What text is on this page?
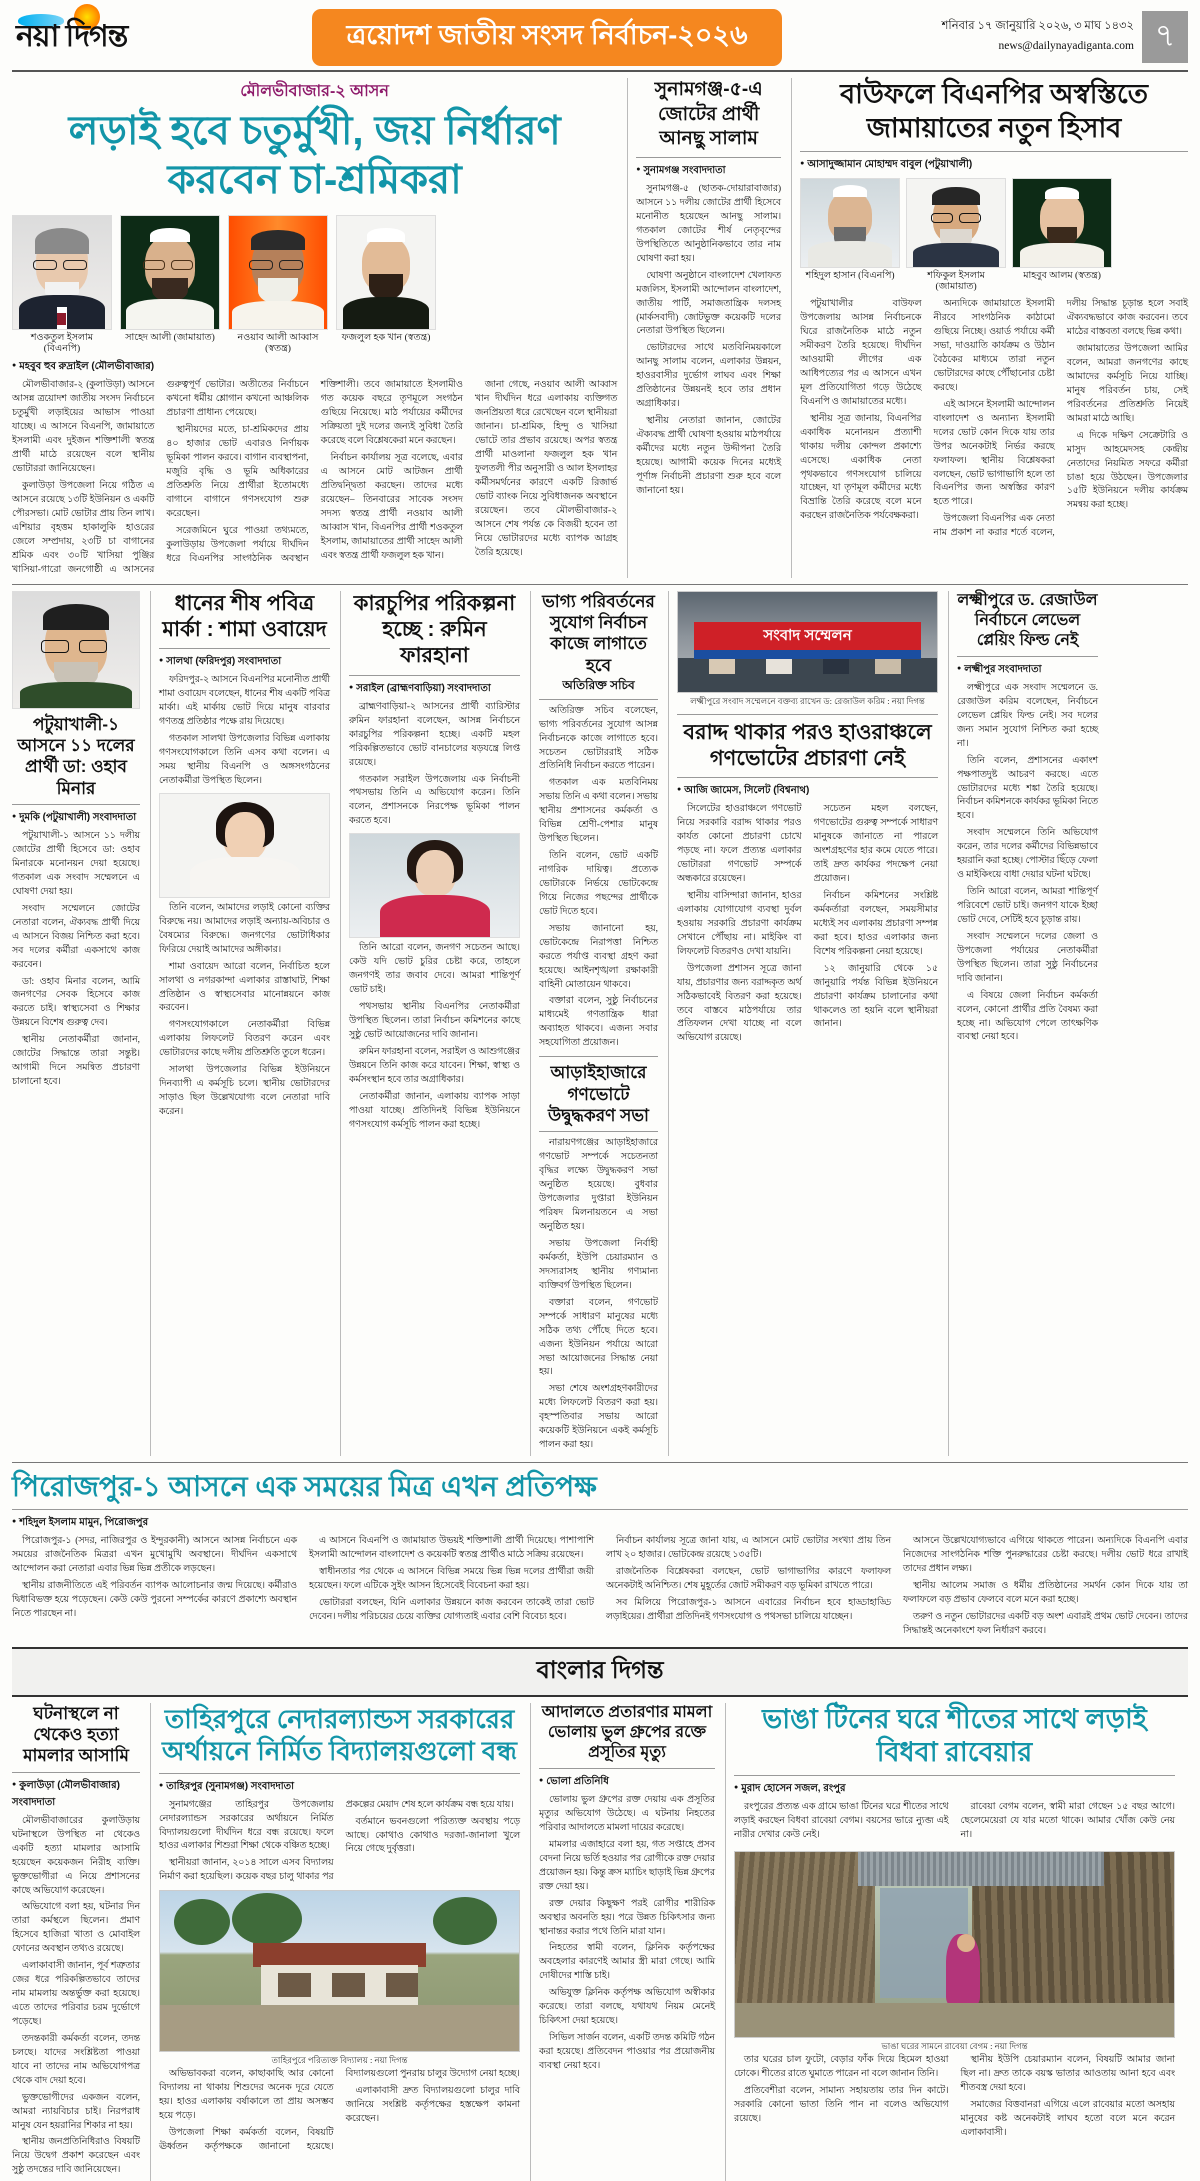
নয়া দিগন্ত	ত্রয়োদশ জাতীয় সংসদ নির্বাচন-২০২৬	শনিবার ১৭ জানুয়ারি ২০২৬, ৩ মাঘ ১৪৩২
news@dailynayadiganta.com ৭
মৌলভীবাজার-২ আসন
লড়াই হবে চতুর্মুখী, জয় নির্ধারণ করবেন চা-শ্রমিকরা
শওকতুল ইসলাম (বিএনপি)
সাহেদ আলী (জামায়াত)	নওয়াব আলী আব্বাস (স্বতন্ত্র)
ফজলুল হক খান (স্বতন্ত্র)
● মহবুব হুব রুদ্রাইল (মৌলভীবাজার)

মৌলভীবাজার-২ (কুলাউড়া) আসনে আসন্ন ত্রয়োদশ জাতীয় সংসদ নির্বাচনে চতুর্মুখী লড়াইয়ের আভাস পাওয়া যাচ্ছে। এ আসনে বিএনপি, জামায়াতে ইসলামী এবং দুইজন শক্তিশালী স্বতন্ত্র প্রার্থী মাঠে রয়েছেন বলে স্থানীয় ভোটাররা জানিয়েছেন।

কুলাউড়া উপজেলা নিয়ে গঠিত এ আসনে রয়েছে ১৩টি ইউনিয়ন ও একটি পৌরসভা। মোট ভোটার প্রায় তিন লাখ। এশিয়ার বৃহত্তম হাকালুকি হাওরের জেলে সম্প্রদায়, ২৩টি চা বাগানের শ্রমিক এবং ৩০টি খাসিয়া পুঞ্জির খাসিয়া-গারো জনগোষ্ঠী এ আসনের গুরুত্বপূর্ণ ভোটার। অতীতের নির্বাচনে কখনো ধর্মীয় শ্লোগান কখনো আঞ্চলিক প্রচারণা প্রাধান্য পেয়েছে।

স্থানীয়দের মতে, চা-শ্রমিকদের প্রায় ৪০ হাজার ভোট এবারও নির্ণায়ক ভূমিকা পালন করবে। বাগান ব্যবস্থাপনা, মজুরি বৃদ্ধি ও ভূমি অধিকারের প্রতিশ্রুতি নিয়ে প্রার্থীরা ইতোমধ্যে বাগানে বাগানে গণসংযোগ শুরু করেছেন।

সরেজমিনে ঘুরে পাওয়া তথ্যমতে, কুলাউড়ায় উপজেলা পর্যায়ে দীর্ঘদিন ধরে বিএনপির সাংগঠনিক অবস্থান শক্তিশালী। তবে জামায়াতে ইসলামীও গত কয়েক বছরে তৃণমূলে সংগঠন গুছিয়ে নিয়েছে। মাঠ পর্যায়ের কর্মীদের সক্রিয়তা দুই দলের জন্যই সুবিধা তৈরি করেছে বলে বিশ্লেষকেরা মনে করছেন।

নির্বাচন কার্যালয় সূত্র বলেছে, এবার এ আসনে মোট আটজন প্রার্থী প্রতিদ্বন্দ্বিতা করছেন। তাদের মধ্যে রয়েছেন– তিনবারের সাবেক সংসদ সদস্য স্বতন্ত্র প্রার্থী নওয়াব আলী আব্বাস খান, বিএনপির প্রার্থী শওকতুল ইসলাম, জামায়াতের প্রার্থী সাহেদ আলী এবং স্বতন্ত্র প্রার্থী ফজলুল হক খান।

জানা গেছে, নওয়াব আলী আব্বাস খান দীর্ঘদিন ধরে এলাকায় ব্যক্তিগত জনপ্রিয়তা ধরে রেখেছেন বলে স্থানীয়রা জানান। চা-শ্রমিক, হিন্দু ও খাসিয়া ভোটে তার প্রভাব রয়েছে। অপর স্বতন্ত্র প্রার্থী মাওলানা ফজলুল হক খান ফুলতলী পীর অনুসারী ও আল ইসলাহর কর্মীসমর্থনের কারণে একটি রিজার্ভ ভোট ব্যাংক নিয়ে সুবিধাজনক অবস্থানে রয়েছেন। তবে মৌলভীবাজার-২ আসনে শেষ পর্যন্ত কে বিজয়ী হবেন তা নিয়ে ভোটারদের মধ্যে ব্যাপক আগ্রহ তৈরি হয়েছে।

সুনামগঞ্জ-৫-এ জোটের প্রার্থী আনছু সালাম
● সুনামগঞ্জ সংবাদদাতা

সুনামগঞ্জ-৫ (ছাতক-দোয়ারাবাজার) আসনে ১১ দলীয় জোটের প্রার্থী হিসেবে মনোনীত হয়েছেন আনছু সালাম। গতকাল জোটের শীর্ষ নেতৃবৃন্দের উপস্থিতিতে আনুষ্ঠানিকভাবে তার নাম ঘোষণা করা হয়।

ঘোষণা অনুষ্ঠানে বাংলাদেশ খেলাফত মজলিস, ইসলামী আন্দোলন বাংলাদেশ, জাতীয় পার্টি, সমাজতান্ত্রিক দলসহ (মার্কসবাদী) জোটভুক্ত কয়েকটি দলের নেতারা উপস্থিত ছিলেন।

ভোটারদের সাথে মতবিনিময়কালে আনছু সালাম বলেন, এলাকার উন্নয়ন, হাওরবাসীর দুর্ভোগ লাঘব এবং শিক্ষা প্রতিষ্ঠানের উন্নয়নই হবে তার প্রধান অগ্রাধিকার।

স্থানীয় নেতারা জানান, জোটের ঐক্যবদ্ধ প্রার্থী ঘোষণা হওয়ায় মাঠপর্যায়ে কর্মীদের মধ্যে নতুন উদ্দীপনা তৈরি হয়েছে। আগামী কয়েক দিনের মধ্যেই পূর্ণাঙ্গ নির্বাচনী প্রচারণা শুরু হবে বলে জানানো হয়।

বাউফলে বিএনপির অস্বস্তিতে জামায়াতের নতুন হিসাব
● আসাদুজ্জামান মোহাম্মদ বাবুল (পটুয়াখালী)
শহিদুল হাসান (বিএনপি)	শফিকুল ইসলাম (জামায়াত)
মাহবুব আলম (স্বতন্ত্র)

পটুয়াখালীর বাউফল উপজেলায় আসন্ন নির্বাচনকে ঘিরে রাজনৈতিক মাঠে নতুন সমীকরণ তৈরি হয়েছে। দীর্ঘদিন আওয়ামী লীগের এক আধিপত্যের পর এ আসনে এখন মূল প্রতিযোগিতা গড়ে উঠেছে বিএনপি ও জামায়াতের মধ্যে।

স্থানীয় সূত্র জানায়, বিএনপির একাধিক মনোনয়ন প্রত্যাশী থাকায় দলীয় কোন্দল প্রকাশ্যে এসেছে। একাধিক নেতা পৃথকভাবে গণসংযোগ চালিয়ে যাচ্ছেন, যা তৃণমূল কর্মীদের মধ্যে বিভ্রান্তি তৈরি করেছে বলে মনে করছেন রাজনৈতিক পর্যবেক্ষকরা।

অন্যদিকে জামায়াতে ইসলামী নীরবে সাংগঠনিক কাঠামো গুছিয়ে নিচ্ছে। ওয়ার্ড পর্যায়ে কর্মী সভা, দাওয়াতি কার্যক্রম ও উঠান বৈঠকের মাধ্যমে তারা নতুন ভোটারদের কাছে পৌঁছানোর চেষ্টা করছে।

এই আসনে ইসলামী আন্দোলন বাংলাদেশ ও অন্যান্য ইসলামী দলের ভোট কোন দিকে যায় তার উপর অনেকটাই নির্ভর করছে ফলাফল। স্থানীয় বিশ্লেষকরা বলছেন, ভোট ভাগাভাগি হলে তা বিএনপির জন্য অস্বস্তির কারণ হতে পারে।

উপজেলা বিএনপির এক নেতা নাম প্রকাশ না করার শর্তে বলেন, দলীয় সিদ্ধান্ত চূড়ান্ত হলে সবাই ঐক্যবদ্ধভাবে কাজ করবেন। তবে মাঠের বাস্তবতা বলছে ভিন্ন কথা।

জামায়াতের উপজেলা আমির বলেন, আমরা জনগণের কাছে আমাদের কর্মসূচি নিয়ে যাচ্ছি। মানুষ পরিবর্তন চায়, সেই পরিবর্তনের প্রতিশ্রুতি নিয়েই আমরা মাঠে আছি।

এ দিকে দক্ষিণ সেক্রেটারি ও মাসুদ আহমেদসহ কেন্দ্রীয় নেতাদের নিয়মিত সফরে কর্মীরা চাঙা হয়ে উঠছেন। উপজেলার ১৫টি ইউনিয়নে দলীয় কার্যক্রম সমন্বয় করা হচ্ছে।

পটুয়াখালী-১ আসনে ১১ দলের প্রার্থী ডা: ওহাব মিনার
● দুমকি (পটুয়াখালী) সংবাদদাতা

পটুয়াখালী-১ আসনে ১১ দলীয় জোটের প্রার্থী হিসেবে ডা: ওহাব মিনারকে মনোনয়ন দেয়া হয়েছে। গতকাল এক সংবাদ সম্মেলনে এ ঘোষণা দেয়া হয়।

সংবাদ সম্মেলনে জোটের নেতারা বলেন, ঐক্যবদ্ধ প্রার্থী দিয়ে এ আসনে বিজয় নিশ্চিত করা হবে। সব দলের কর্মীরা একসাথে কাজ করবেন।

ডা: ওহাব মিনার বলেন, আমি জনগণের সেবক হিসেবে কাজ করতে চাই। স্বাস্থ্যসেবা ও শিক্ষার উন্নয়নে বিশেষ গুরুত্ব দেব।

স্থানীয় নেতাকর্মীরা জানান, জোটের সিদ্ধান্তে তারা সন্তুষ্ট। আগামী দিনে সমন্বিত প্রচারণা চালানো হবে।

ধানের শীষ পবিত্র মার্কা : শামা ওবায়েদ
● সালথা (ফরিদপুর) সংবাদদাতা

ফরিদপুর-২ আসনে বিএনপির মনোনীত প্রার্থী শামা ওবায়েদ বলেছেন, ধানের শীষ একটি পবিত্র মার্কা। এই মার্কায় ভোট দিয়ে মানুষ বারবার গণতন্ত্র প্রতিষ্ঠার পক্ষে রায় দিয়েছে।

গতকাল সালথা উপজেলার বিভিন্ন এলাকায় গণসংযোগকালে তিনি এসব কথা বলেন। এ সময় স্থানীয় বিএনপি ও অঙ্গসংগঠনের নেতাকর্মীরা উপস্থিত ছিলেন।

তিনি বলেন, আমাদের লড়াই কোনো ব্যক্তির বিরুদ্ধে নয়। আমাদের লড়াই অন্যায়-অবিচার ও বৈষম্যের বিরুদ্ধে। জনগণের ভোটাধিকার ফিরিয়ে দেয়াই আমাদের অঙ্গীকার।

শামা ওবায়েদ আরো বলেন, নির্বাচিত হলে সালথা ও নগরকান্দা এলাকার রাস্তাঘাট, শিক্ষা প্রতিষ্ঠান ও স্বাস্থ্যসেবার মানোন্নয়নে কাজ করবেন।

গণসংযোগকালে নেতাকর্মীরা বিভিন্ন এলাকায় লিফলেট বিতরণ করেন এবং ভোটারদের কাছে দলীয় প্রতিশ্রুতি তুলে ধরেন।

সালথা উপজেলার বিভিন্ন ইউনিয়নে দিনব্যাপী এ কর্মসূচি চলে। স্থানীয় ভোটারদের সাড়াও ছিল উল্লেখযোগ্য বলে নেতারা দাবি করেন।

কারচুপির পরিকল্পনা হচ্ছে : রুমিন ফারহানা
● সরাইল (ব্রাহ্মণবাড়িয়া) সংবাদদাতা

ব্রাহ্মণবাড়িয়া-২ আসনের প্রার্থী ব্যারিস্টার রুমিন ফারহানা বলেছেন, আসন্ন নির্বাচনে কারচুপির পরিকল্পনা হচ্ছে। একটি মহল পরিকল্পিতভাবে ভোট বানচালের ষড়যন্ত্রে লিপ্ত রয়েছে।

গতকাল সরাইল উপজেলায় এক নির্বাচনী পথসভায় তিনি এ অভিযোগ করেন। তিনি বলেন, প্রশাসনকে নিরপেক্ষ ভূমিকা পালন করতে হবে।

তিনি আরো বলেন, জনগণ সচেতন আছে। কেউ যদি ভোট চুরির চেষ্টা করে, তাহলে জনগণই তার জবাব দেবে। আমরা শান্তিপূর্ণ ভোট চাই।

পথসভায় স্থানীয় বিএনপির নেতাকর্মীরা উপস্থিত ছিলেন। তারা নির্বাচন কমিশনের কাছে সুষ্ঠু ভোট আয়োজনের দাবি জানান।

রুমিন ফারহানা বলেন, সরাইল ও আশুগঞ্জের উন্নয়নে তিনি কাজ করে যাবেন। শিক্ষা, স্বাস্থ্য ও কর্মসংস্থান হবে তার অগ্রাধিকার।

নেতাকর্মীরা জানান, এলাকায় ব্যাপক সাড়া পাওয়া যাচ্ছে। প্রতিদিনই বিভিন্ন ইউনিয়নে গণসংযোগ কর্মসূচি পালন করা হচ্ছে।

ভাগ্য পরিবর্তনের সুযোগ নির্বাচন কাজে লাগাতে হবে
অতিরিক্ত সচিব

অতিরিক্ত সচিব বলেছেন, ভাগ্য পরিবর্তনের সুযোগ আসন্ন নির্বাচনকে কাজে লাগাতে হবে। সচেতন ভোটাররাই সঠিক প্রতিনিধি নির্বাচন করতে পারেন।

গতকাল এক মতবিনিময় সভায় তিনি এ কথা বলেন। সভায় স্থানীয় প্রশাসনের কর্মকর্তা ও বিভিন্ন শ্রেণী-পেশার মানুষ উপস্থিত ছিলেন।

তিনি বলেন, ভোট একটি নাগরিক দায়িত্ব। প্রত্যেক ভোটারকে নির্ভয়ে ভোটকেন্দ্রে গিয়ে নিজের পছন্দের প্রার্থীকে ভোট দিতে হবে।

সভায় জানানো হয়, ভোটকেন্দ্রে নিরাপত্তা নিশ্চিত করতে পর্যাপ্ত ব্যবস্থা গ্রহণ করা হয়েছে। আইনশৃঙ্খলা রক্ষাকারী বাহিনী মোতায়েন থাকবে।

বক্তারা বলেন, সুষ্ঠু নির্বাচনের মাধ্যমেই গণতান্ত্রিক ধারা অব্যাহত থাকবে। এজন্য সবার সহযোগিতা প্রয়োজন।

আড়াইহাজারে গণভোটে উদ্বুদ্ধকরণ সভা

নারায়ণগঞ্জের আড়াইহাজারে গণভোট সম্পর্কে সচেতনতা বৃদ্ধির লক্ষ্যে উদ্বুদ্ধকরণ সভা অনুষ্ঠিত হয়েছে। বুধবার উপজেলার দুপ্তারা ইউনিয়ন পরিষদ মিলনায়তনে এ সভা অনুষ্ঠিত হয়।

সভায় উপজেলা নির্বাহী কর্মকর্তা, ইউপি চেয়ারম্যান ও সদস্যরাসহ স্থানীয় গণ্যমান্য ব্যক্তিবর্গ উপস্থিত ছিলেন।

বক্তারা বলেন, গণভোট সম্পর্কে সাধারণ মানুষের মধ্যে সঠিক তথ্য পৌঁছে দিতে হবে। এজন্য ইউনিয়ন পর্যায়ে আরো সভা আয়োজনের সিদ্ধান্ত নেয়া হয়।

সভা শেষে অংশগ্রহণকারীদের মধ্যে লিফলেট বিতরণ করা হয়। বৃহস্পতিবার সভায় আরো কয়েকটি ইউনিয়নে একই কর্মসূচি পালন করা হয়।

সংবাদ সম্মেলন
লক্ষ্মীপুরে সংবাদ সম্মেলনে বক্তব্য রাখেন ড: রেজাউল করিম : নয়া দিগন্ত
বরাদ্দ থাকার পরও হাওরাঞ্চলে গণভোটের প্রচারণা নেই
● আজি জামেস, সিলেট (বিশ্বনাথ)

সিলেটের হাওরাঞ্চলে গণভোট নিয়ে সরকারি বরাদ্দ থাকার পরও কার্যত কোনো প্রচারণা চোখে পড়ছে না। ফলে প্রত্যন্ত এলাকার ভোটাররা গণভোট সম্পর্কে অন্ধকারে রয়েছেন।

স্থানীয় বাসিন্দারা জানান, হাওর এলাকায় যোগাযোগ ব্যবস্থা দুর্বল হওয়ায় সরকারি প্রচারণা কার্যক্রম সেখানে পৌঁছায় না। মাইকিং বা লিফলেট বিতরণও দেখা যায়নি।

উপজেলা প্রশাসন সূত্রে জানা যায়, প্রচারণার জন্য বরাদ্দকৃত অর্থ সঠিকভাবেই বিতরণ করা হয়েছে। তবে বাস্তবে মাঠপর্যায়ে তার প্রতিফলন দেখা যাচ্ছে না বলে অভিযোগ রয়েছে।

সচেতন মহল বলছেন, গণভোটের গুরুত্ব সম্পর্কে সাধারণ মানুষকে জানাতে না পারলে অংশগ্রহণের হার কমে যেতে পারে। তাই দ্রুত কার্যকর পদক্ষেপ নেয়া প্রয়োজন।

নির্বাচন কমিশনের সংশ্লিষ্ট কর্মকর্তারা বলছেন, সময়সীমার মধ্যেই সব এলাকায় প্রচারণা সম্পন্ন করা হবে। হাওর এলাকার জন্য বিশেষ পরিকল্পনা নেয়া হয়েছে।

১২ জানুয়ারি থেকে ১৫ জানুয়ারি পর্যন্ত বিভিন্ন ইউনিয়নে প্রচারণা কার্যক্রম চালানোর কথা থাকলেও তা হয়নি বলে স্থানীয়রা জানান।

লক্ষ্মীপুরে ড. রেজাউল নির্বাচনে লেভেল প্লেয়িং ফিল্ড নেই
● লক্ষ্মীপুর সংবাদদাতা

লক্ষ্মীপুরে এক সংবাদ সম্মেলনে ড. রেজাউল করিম বলেছেন, নির্বাচনে লেভেল প্লেয়িং ফিল্ড নেই। সব দলের জন্য সমান সুযোগ নিশ্চিত করা হচ্ছে না।

তিনি বলেন, প্রশাসনের একাংশ পক্ষপাতদুষ্ট আচরণ করছে। এতে ভোটারদের মধ্যে শঙ্কা তৈরি হয়েছে। নির্বাচন কমিশনকে কার্যকর ভূমিকা নিতে হবে।

সংবাদ সম্মেলনে তিনি অভিযোগ করেন, তার দলের কর্মীদের বিভিন্নভাবে হয়রানি করা হচ্ছে। পোস্টার ছিঁড়ে ফেলা ও মাইকিংয়ে বাধা দেয়ার ঘটনা ঘটছে।

তিনি আরো বলেন, আমরা শান্তিপূর্ণ পরিবেশে ভোট চাই। জনগণ যাকে ইচ্ছা ভোট দেবে, সেটিই হবে চূড়ান্ত রায়।

সংবাদ সম্মেলনে দলের জেলা ও উপজেলা পর্যায়ের নেতাকর্মীরা উপস্থিত ছিলেন। তারা সুষ্ঠু নির্বাচনের দাবি জানান।

এ বিষয়ে জেলা নির্বাচন কর্মকর্তা বলেন, কোনো প্রার্থীর প্রতি বৈষম্য করা হচ্ছে না। অভিযোগ পেলে তাৎক্ষণিক ব্যবস্থা নেয়া হবে।

পিরোজপুর-১ আসনে এক সময়ের মিত্র এখন প্রতিপক্ষ
● শহিদুল ইসলাম মামুন, পিরোজপুর

পিরোজপুর-১ (সদর, নাজিরপুর ও ইন্দুরকানী) আসনে আসন্ন নির্বাচনে এক সময়ের রাজনৈতিক মিত্ররা এখন মুখোমুখি অবস্থানে। দীর্ঘদিন একসাথে আন্দোলন করা নেতারা এবার ভিন্ন ভিন্ন প্রতীকে লড়ছেন।

স্থানীয় রাজনীতিতে এই পরিবর্তন ব্যাপক আলোচনার জন্ম দিয়েছে। কর্মীরাও দ্বিধাবিভক্ত হয়ে পড়েছেন। কেউ কেউ পুরনো সম্পর্কের কারণে প্রকাশ্যে অবস্থান নিতে পারছেন না।

এ আসনে বিএনপি ও জামায়াত উভয়ই শক্তিশালী প্রার্থী দিয়েছে। পাশাপাশি ইসলামী আন্দোলন বাংলাদেশ ও কয়েকটি স্বতন্ত্র প্রার্থীও মাঠে সক্রিয় রয়েছেন।

স্বাধীনতার পর থেকে এ আসনে বিভিন্ন সময়ে ভিন্ন ভিন্ন দলের প্রার্থীরা জয়ী হয়েছেন। ফলে এটিকে সুইং আসন হিসেবেই বিবেচনা করা হয়।

ভোটাররা বলছেন, যিনি এলাকার উন্নয়নে কাজ করবেন তাকেই তারা ভোট দেবেন। দলীয় পরিচয়ের চেয়ে ব্যক্তির যোগ্যতাই এবার বেশি বিবেচ্য হবে।

নির্বাচন কার্যালয় সূত্রে জানা যায়, এ আসনে মোট ভোটার সংখ্যা প্রায় তিন লাখ ২০ হাজার। ভোটকেন্দ্র রয়েছে ১৩৫টি।

রাজনৈতিক বিশ্লেষকরা বলছেন, ভোট ভাগাভাগির কারণে ফলাফল অনেকটাই অনিশ্চিত। শেষ মুহূর্তের জোট সমীকরণ বড় ভূমিকা রাখতে পারে।

সব মিলিয়ে পিরোজপুর-১ আসনে এবারের নির্বাচন হবে হাড্ডাহাড্ডি লড়াইয়ের। প্রার্থীরা প্রতিদিনই গণসংযোগ ও পথসভা চালিয়ে যাচ্ছেন।

আসনে উল্লেখযোগ্যভাবে এগিয়ে থাকতে পারেন। অন্যদিকে বিএনপি এবার নিজেদের সাংগঠনিক শক্তি পুনরুদ্ধারের চেষ্টা করছে। দলীয় ভোট ধরে রাখাই তাদের প্রধান লক্ষ্য।

স্থানীয় আলেম সমাজ ও ধর্মীয় প্রতিষ্ঠানের সমর্থন কোন দিকে যায় তা ফলাফলে বড় প্রভাব ফেলবে বলে মনে করা হচ্ছে।

তরুণ ও নতুন ভোটারদের একটি বড় অংশ এবারই প্রথম ভোট দেবেন। তাদের সিদ্ধান্তই অনেকাংশে ফল নির্ধারণ করবে।

বাংলার দিগন্ত
ঘটনাস্থলে না থেকেও হত্যা মামলার আসামি
● কুলাউড়া (মৌলভীবাজার) সংবাদদাতা

মৌলভীবাজারের কুলাউড়ায় ঘটনাস্থলে উপস্থিত না থেকেও একটি হত্যা মামলার আসামি হয়েছেন কয়েকজন নিরীহ ব্যক্তি। ভুক্তভোগীরা এ নিয়ে প্রশাসনের কাছে অভিযোগ করেছেন।

অভিযোগে বলা হয়, ঘটনার দিন তারা কর্মস্থলে ছিলেন। প্রমাণ হিসেবে হাজিরা খাতা ও মোবাইল ফোনের অবস্থান তথ্যও রয়েছে।

এলাকাবাসী জানান, পূর্ব শত্রুতার জের ধরে পরিকল্পিতভাবে তাদের নাম মামলায় অন্তর্ভুক্ত করা হয়েছে। এতে তাদের পরিবার চরম দুর্ভোগে পড়েছে।

তদন্তকারী কর্মকর্তা বলেন, তদন্ত চলছে। যাদের সংশ্লিষ্টতা পাওয়া যাবে না তাদের নাম অভিযোগপত্র থেকে বাদ দেয়া হবে।

ভুক্তভোগীদের একজন বলেন, আমরা ন্যায়বিচার চাই। নিরপরাধ মানুষ যেন হয়রানির শিকার না হয়।

স্থানীয় জনপ্রতিনিধিরাও বিষয়টি নিয়ে উদ্বেগ প্রকাশ করেছেন এবং সুষ্ঠু তদন্তের দাবি জানিয়েছেন।

তাহিরপুরে নেদারল্যান্ডস সরকারের অর্থায়নে নির্মিত বিদ্যালয়গুলো বন্ধ
● তাহিরপুর (সুনামগঞ্জ) সংবাদদাতা

সুনামগঞ্জের তাহিরপুর উপজেলায় নেদারল্যান্ডস সরকারের অর্থায়নে নির্মিত বিদ্যালয়গুলো দীর্ঘদিন ধরে বন্ধ রয়েছে। ফলে হাওর এলাকার শিশুরা শিক্ষা থেকে বঞ্চিত হচ্ছে।

স্থানীয়রা জানান, ২০১৪ সালে এসব বিদ্যালয় নির্মাণ করা হয়েছিল। কয়েক বছর চালু থাকার পর প্রকল্পের মেয়াদ শেষ হলে কার্যক্রম বন্ধ হয়ে যায়।

বর্তমানে ভবনগুলো পরিত্যক্ত অবস্থায় পড়ে আছে। কোথাও কোথাও দরজা-জানালা খুলে নিয়ে গেছে দুর্বৃত্তরা।

তাহিরপুরে পরিত্যক্ত বিদ্যালয় : নয়া দিগন্ত

অভিভাবকরা বলেন, কাছাকাছি আর কোনো বিদ্যালয় না থাকায় শিশুদের অনেক দূরে যেতে হয়। হাওর এলাকায় বর্ষাকালে তা প্রায় অসম্ভব হয়ে পড়ে।

উপজেলা শিক্ষা কর্মকর্তা বলেন, বিষয়টি ঊর্ধ্বতন কর্তৃপক্ষকে জানানো হয়েছে। বিদ্যালয়গুলো পুনরায় চালুর উদ্যোগ নেয়া হচ্ছে।

এলাকাবাসী দ্রুত বিদ্যালয়গুলো চালুর দাবি জানিয়ে সংশ্লিষ্ট কর্তৃপক্ষের হস্তক্ষেপ কামনা করেছেন।

আদালতে প্রতারণার মামলা ভোলায় ভুল গ্রুপের রক্তে প্রসূতির মৃত্যু
● ভোলা প্রতিনিধি

ভোলায় ভুল গ্রুপের রক্ত দেয়ায় এক প্রসূতির মৃত্যুর অভিযোগ উঠেছে। এ ঘটনায় নিহতের পরিবার আদালতে মামলা দায়ের করেছে।

মামলার এজাহারে বলা হয়, গত সপ্তাহে প্রসব বেদনা নিয়ে ভর্তি হওয়ার পর রোগীকে রক্ত দেয়ার প্রয়োজন হয়। কিন্তু ক্রস ম্যাচিং ছাড়াই ভিন্ন গ্রুপের রক্ত দেয়া হয়।

রক্ত দেয়ার কিছুক্ষণ পরই রোগীর শারীরিক অবস্থার অবনতি হয়। পরে উন্নত চিকিৎসার জন্য স্থানান্তর করার পথে তিনি মারা যান।

নিহতের স্বামী বলেন, ক্লিনিক কর্তৃপক্ষের অবহেলার কারণেই আমার স্ত্রী মারা গেছে। আমি দোষীদের শাস্তি চাই।

অভিযুক্ত ক্লিনিক কর্তৃপক্ষ অভিযোগ অস্বীকার করেছে। তারা বলছে, যথাযথ নিয়ম মেনেই চিকিৎসা দেয়া হয়েছে।

সিভিল সার্জন বলেন, একটি তদন্ত কমিটি গঠন করা হয়েছে। প্রতিবেদন পাওয়ার পর প্রয়োজনীয় ব্যবস্থা নেয়া হবে।

ভাঙা টিনের ঘরে শীতের সাথে লড়াই বিধবা রাবেয়ার
● মুরাদ হোসেন সজল, রংপুর

রংপুরের প্রত্যন্ত এক গ্রামে ভাঙা টিনের ঘরে শীতের সাথে লড়াই করছেন বিধবা রাবেয়া বেগম। বয়সের ভারে ন্যুব্জ এই নারীর দেখার কেউ নেই।

রাবেয়া বেগম বলেন, স্বামী মারা গেছেন ১৫ বছর আগে। ছেলেমেয়েরা যে যার মতো থাকে। আমার খোঁজ কেউ নেয় না।

ভাঙা ঘরের সামনে রাবেয়া বেগম : নয়া দিগন্ত

তার ঘরের চাল ফুটো, বেড়ার ফাঁক দিয়ে হিমেল হাওয়া ঢোকে। শীতের রাতে ঘুমাতে পারেন না বলে জানান তিনি।

প্রতিবেশীরা বলেন, সামান্য সহায়তায় তার দিন কাটে। সরকারি কোনো ভাতা তিনি পান না বলেও অভিযোগ রয়েছে।

স্থানীয় ইউপি চেয়ারম্যান বলেন, বিষয়টি আমার জানা ছিল না। দ্রুত তাকে বয়স্ক ভাতার আওতায় আনা হবে এবং শীতবস্ত্র দেয়া হবে।

সমাজের বিত্তবানরা এগিয়ে এলে রাবেয়ার মতো অসহায় মানুষের কষ্ট অনেকটাই লাঘব হতো বলে মনে করেন এলাকাবাসী।
